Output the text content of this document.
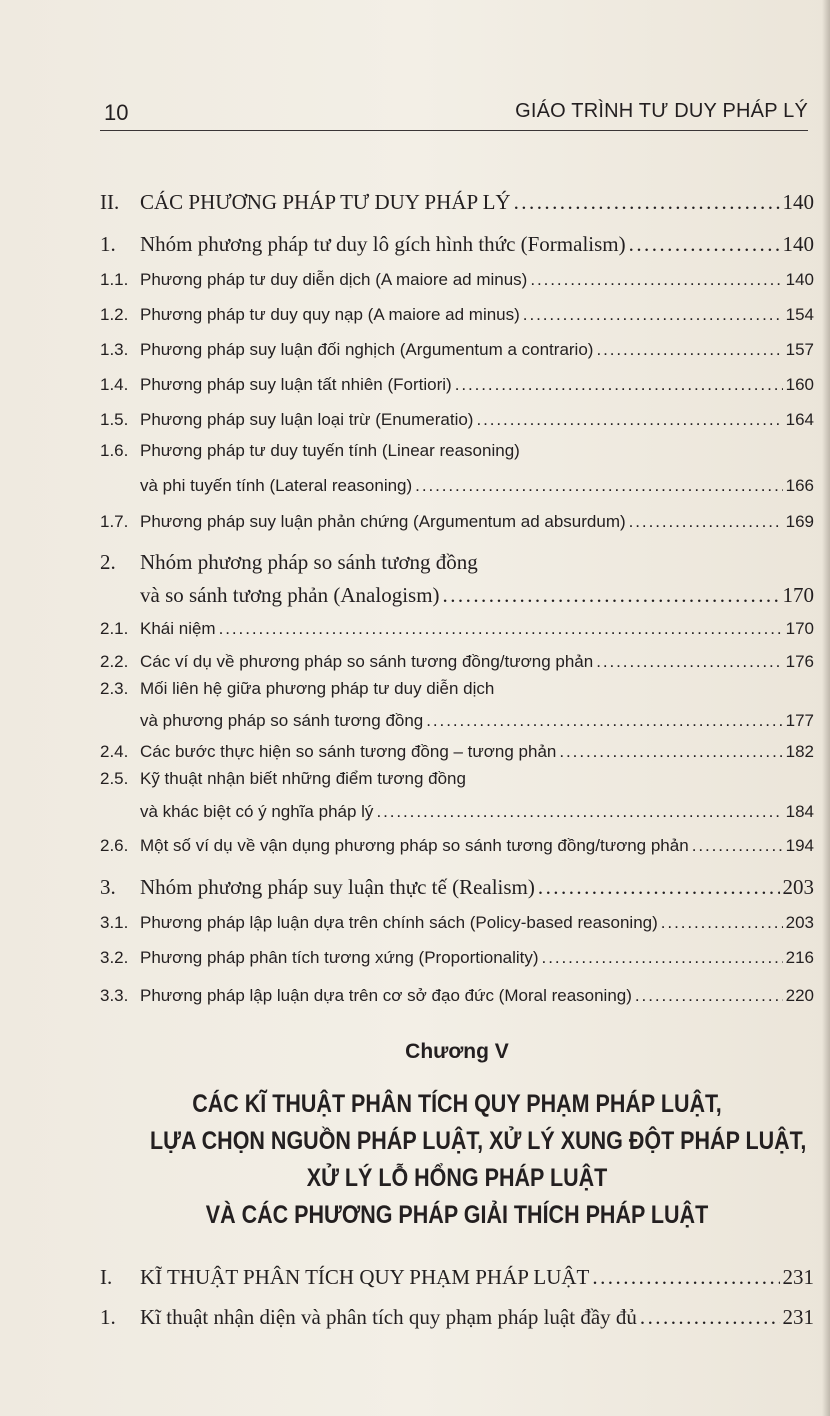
10	GIÁO TRÌNH TƯ DUY PHÁP LÝ
II. CÁC PHƯƠNG PHÁP TƯ DUY PHÁP LÝ . . .	140
1.	Nhóm phương pháp tư duy lô gích hình thức (Formalism) . . .	140
1.1. Phương pháp tư duy diễn dịch (A maiore ad minus) . . .	140
1.2. Phương pháp tư duy quy nạp (A maiore ad minus) . . .	154
1.3. Phương pháp suy luận đối nghịch (Argumentum a contrario) . . .	157
1.4. Phương pháp suy luận tất nhiên (Fortiori) . . .	160
1.5. Phương pháp suy luận loại trừ (Enumeratio) . . .	164
1.6. Phương pháp tư duy tuyến tính (Linear reasoning)
và phi tuyến tính (Lateral reasoning) . . .	166
1.7. Phương pháp suy luận phản chứng (Argumentum ad absurdum) . . .	169
2. Nhóm phương pháp so sánh tương đồng
và so sánh tương phản (Analogism) . . .	170
2.1. Khái niệm . . .	170
2.2. Các ví dụ về phương pháp so sánh tương đồng/tương phản . . .	176
2.3. Mối liên hệ giữa phương pháp tư duy diễn dịch
và phương pháp so sánh tương đồng . . .	177
2.4. Các bước thực hiện so sánh tương đồng – tương phản . . .	182
2.5. Kỹ thuật nhận biết những điểm tương đồng
và khác biệt có ý nghĩa pháp lý . . .	184
2.6. Một số ví dụ về vận dụng phương pháp so sánh tương đồng/tương phản . . .	194
3.	Nhóm phương pháp suy luận thực tế (Realism) . . .	203
3.1. Phương pháp lập luận dựa trên chính sách (Policy-based reasoning) . . .	203
3.2. Phương pháp phân tích tương xứng (Proportionality) . . .	216
3.3. Phương pháp lập luận dựa trên cơ sở đạo đức (Moral reasoning) . . .	220
Chương V
CÁC KĨ THUẬT PHÂN TÍCH QUY PHẠM PHÁP LUẬT,
LỰA CHỌN NGUỒN PHÁP LUẬT, XỬ LÝ XUNG ĐỘT PHÁP LUẬT,
XỬ LÝ LỖ HỔNG PHÁP LUẬT
VÀ CÁC PHƯƠNG PHÁP GIẢI THÍCH PHÁP LUẬT
I.	KĨ THUẬT PHÂN TÍCH QUY PHẠM PHÁP LUẬT . . .	231
1.	Kĩ thuật nhận diện và phân tích quy phạm pháp luật đầy đủ . . .	231
